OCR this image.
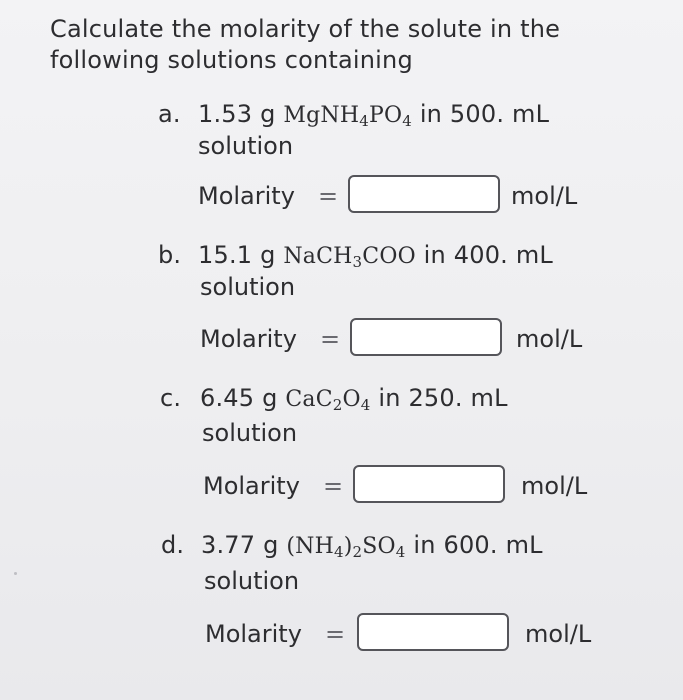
Calculate the molarity of the solute in the
following solutions containing
a. 1.53 g $MgNH_4PO_4$ in 500. mL
solution
Molarity =	mol/L
b. 15.1 g NaCH$_3$COO in 400. mL
solution
Molarity =	mol/L
c. 6.45 g $CaC_2O_4$ in 250. mL
solution
Molarity =	mol/L
d. 3.77 g $(NH_4)_2SO_4$ in 600. mL
solution
Molarity =	mol/L
